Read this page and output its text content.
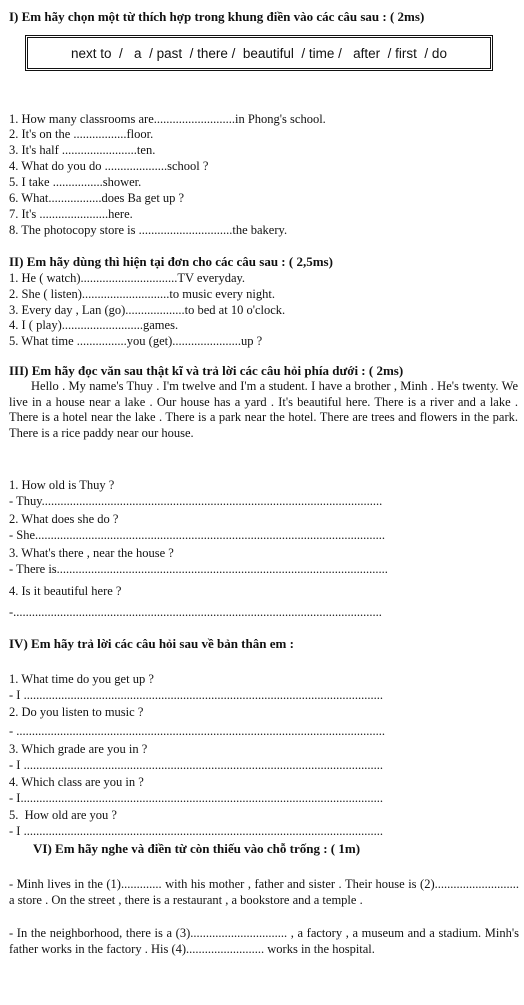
I) Em hãy chọn một từ thích hợp trong khung điền vào các câu sau : ( 2ms)
next to  /   a  / past  / there /  beautiful  / time /   after  / first  / do
1. How many classrooms are..........................in Phong's school.
2. It's on the .................floor.
3. It's half ........................ten.
4. What do you do ....................school ?
5. I take ................shower.
6. What.................does Ba get up ?
7. It's ......................here.
8. The photocopy store is ..............................the bakery.
II) Em hãy dùng thì hiện tại đơn cho các câu sau : ( 2,5ms)
1. He ( watch)...............................TV everyday.
2. She ( listen)............................to music every night.
3. Every day , Lan (go)...................to bed at 10 o'clock.
4. I ( play)..........................games.
5. What time ................you (get)......................up ?
III) Em hãy đọc văn sau thật kĩ và trả lời các câu hỏi phía dưới : ( 2ms)
Hello . My name's Thuy . I'm twelve and I'm a student. I have a brother , Minh . He's twenty. We live in a house near a lake . Our house has a yard . It's beautiful here. There is a river and a lake . There is a hotel near the lake . There is a park near the hotel. There are trees and flowers in the park. There is a rice paddy near our house.
1. How old is Thuy ?
- Thuy.............................................................................................................
2. What does she do ?
- She................................................................................................................
3. What's there , near the house ?
- There is..........................................................................................................
4. Is it beautiful here ?
-......................................................................................................................
IV) Em hãy trả lời các câu hỏi sau về bản thân em :
1. What time do you get up ?
- I ...................................................................................................................
2. Do you listen to music ?
- ......................................................................................................................
3. Which grade are you in ?
- I ...................................................................................................................
4. Which class are you in ?
- I....................................................................................................................
5.  How old are you ?
- I ...................................................................................................................
VI) Em hãy nghe và điền từ còn thiếu vào chỗ trống : ( 1m)
- Minh lives in the (1)............. with his mother , father and sister . Their house is (2)........................... a store . On the street , there is a restaurant , a bookstore and a temple .
- In the neighborhood, there is a (3)............................... , a factory , a museum and a stadium. Minh's father works in the factory . His (4)......................... works in the hospital.
